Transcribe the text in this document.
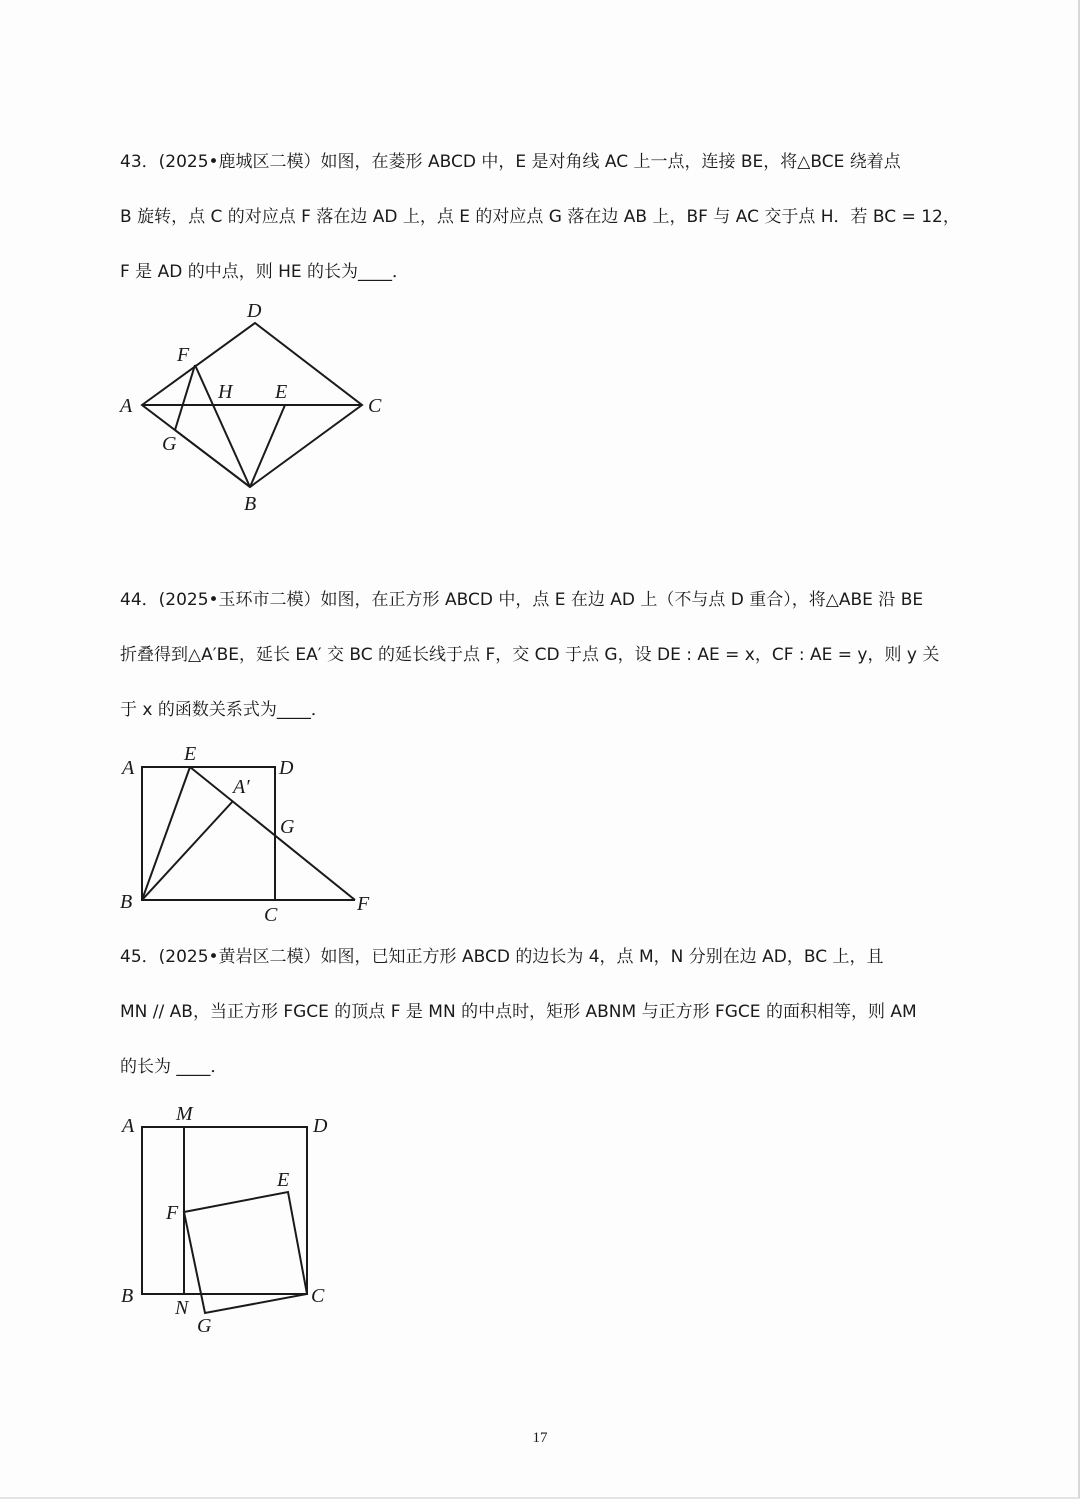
43．(2025•鹿城区二模）如图，在菱形 ABCD 中，E 是对角线 AC 上一点，连接 BE，将△BCE 绕着点
B 旋转，点 C 的对应点 F 落在边 AD 上，点 E 的对应点 G 落在边 AB 上，BF 与 AC 交于点 H．若 BC = 12，
F 是 AD 的中点，则 HE 的长为____．
A
D
F
H E
C
G
B
44．(2025•玉环市二模）如图，在正方形 ABCD 中，点 E 在边 AD 上（不与点 D 重合），将△ABE 沿 BE
折叠得到△A′BE，延长 EA′ 交 BC 的延长线于点 F，交 CD 于点 G，设 DE : AE = x，CF : AE = y，则 y 关
于 x 的函数关系式为____．
A
E
D
A′
G
B
C	F
45．(2025•黄岩区二模）如图，已知正方形 ABCD 的边长为 4，点 M，N 分别在边 AD，BC 上，且
MN // AB，当正方形 FGCE 的顶点 F 是 MN 的中点时，矩形 ABNM 与正方形 FGCE 的面积相等，则 AM
的长为 ____．
A
M
D
E
F
B	C
N
G
17
